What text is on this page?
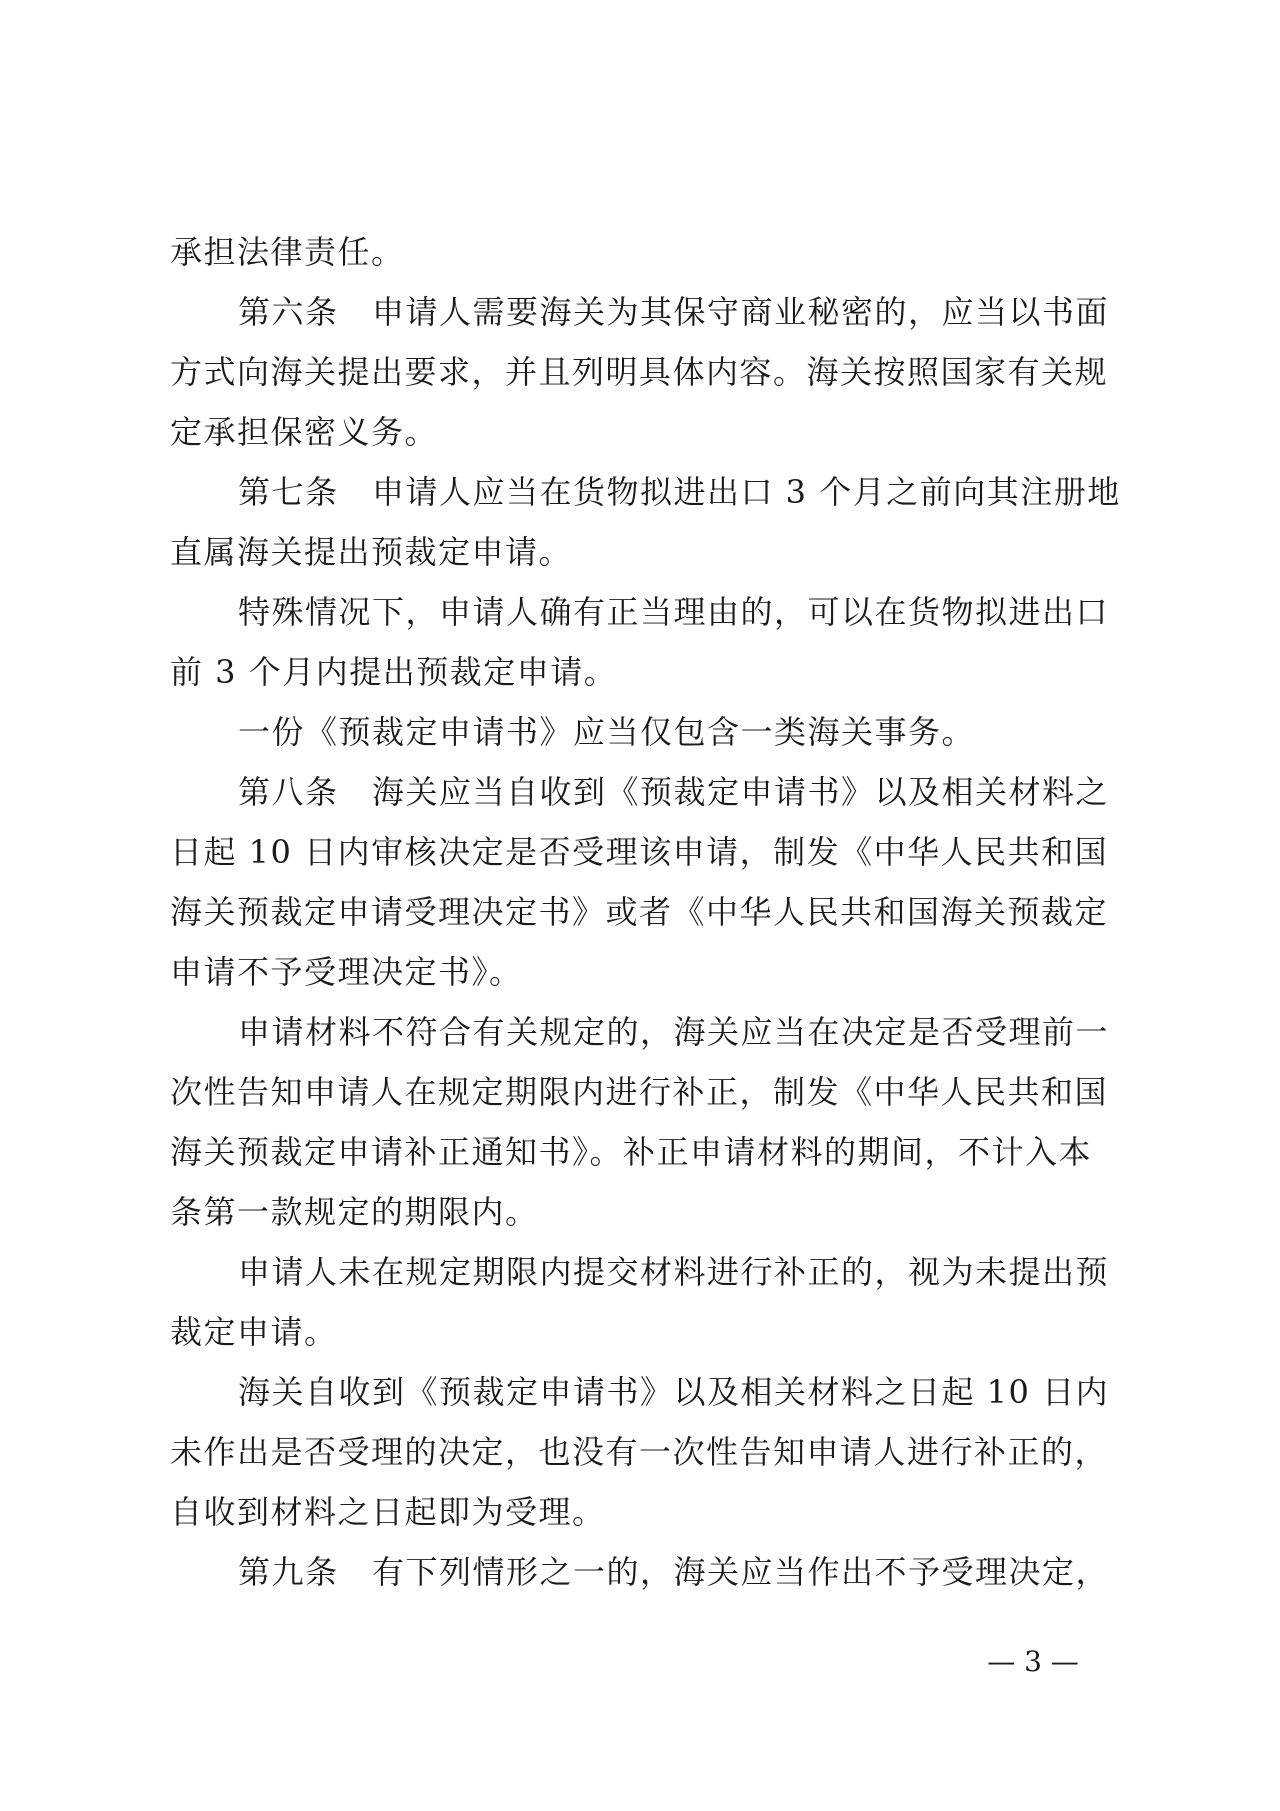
承担法律责任。
第六条　申请人需要海关为其保守商业秘密的，应当以书面
方式向海关提出要求，并且列明具体内容。海关按照国家有关规
定承担保密义务。
第七条　申请人应当在货物拟进出口 3 个月之前向其注册地
直属海关提出预裁定申请。
特殊情况下，申请人确有正当理由的，可以在货物拟进出口
前 3 个月内提出预裁定申请。
一份《预裁定申请书》应当仅包含一类海关事务。
第八条　海关应当自收到《预裁定申请书》以及相关材料之
日起 10 日内审核决定是否受理该申请，制发《中华人民共和国
海关预裁定申请受理决定书》或者《中华人民共和国海关预裁定
申请不予受理决定书》。
申请材料不符合有关规定的，海关应当在决定是否受理前一
次性告知申请人在规定期限内进行补正，制发《中华人民共和国
海关预裁定申请补正通知书》。补正申请材料的期间，不计入本
条第一款规定的期限内。
申请人未在规定期限内提交材料进行补正的，视为未提出预
裁定申请。
海关自收到《预裁定申请书》以及相关材料之日起 10 日内
未作出是否受理的决定，也没有一次性告知申请人进行补正的，
自收到材料之日起即为受理。
第九条　有下列情形之一的，海关应当作出不予受理决定，
— 3 —
